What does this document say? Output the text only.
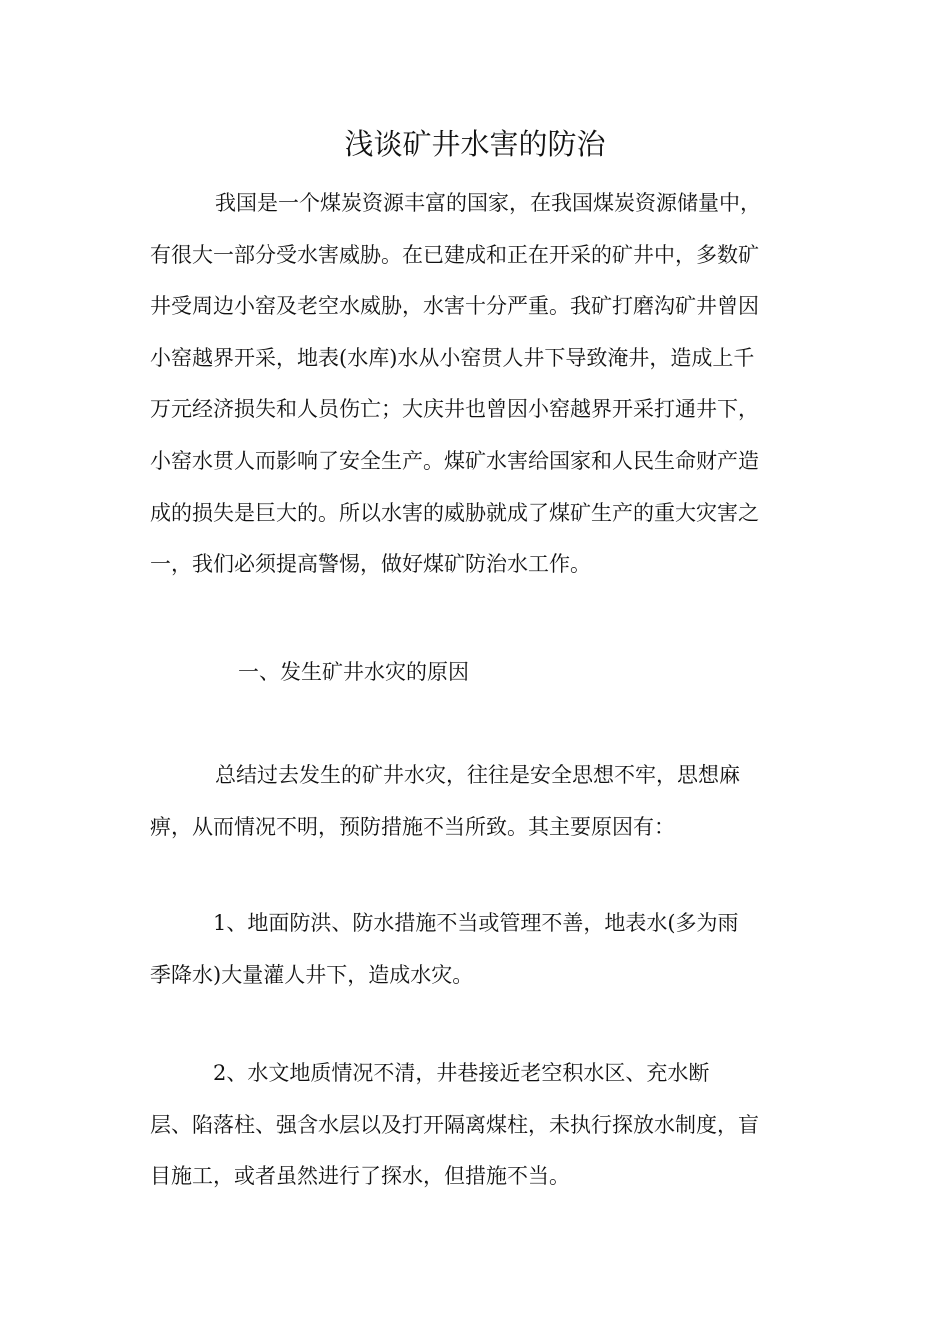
浅谈矿井水害的防治
我国是一个煤炭资源丰富的国家，在我国煤炭资源储量中，
有很大一部分受水害威胁。在已建成和正在开采的矿井中，多数矿
井受周边小窑及老空水威胁，水害十分严重。我矿打磨沟矿井曾因
小窑越界开采，地表(水库)水从小窑贯人井下导致淹井，造成上千
万元经济损失和人员伤亡；大庆井也曾因小窑越界开采打通井下，
小窑水贯人而影响了安全生产。煤矿水害给国家和人民生命财产造
成的损失是巨大的。所以水害的威胁就成了煤矿生产的重大灾害之
一，我们必须提高警惕，做好煤矿防治水工作。
一、发生矿井水灾的原因
总结过去发生的矿井水灾，往往是安全思想不牢，思想麻
痹，从而情况不明，预防措施不当所致。其主要原因有：
1、地面防洪、防水措施不当或管理不善，地表水(多为雨
季降水)大量灌人井下，造成水灾。
2、水文地质情况不清，井巷接近老空积水区、充水断
层、陷落柱、强含水层以及打开隔离煤柱，未执行探放水制度，盲
目施工，或者虽然进行了探水，但措施不当。
